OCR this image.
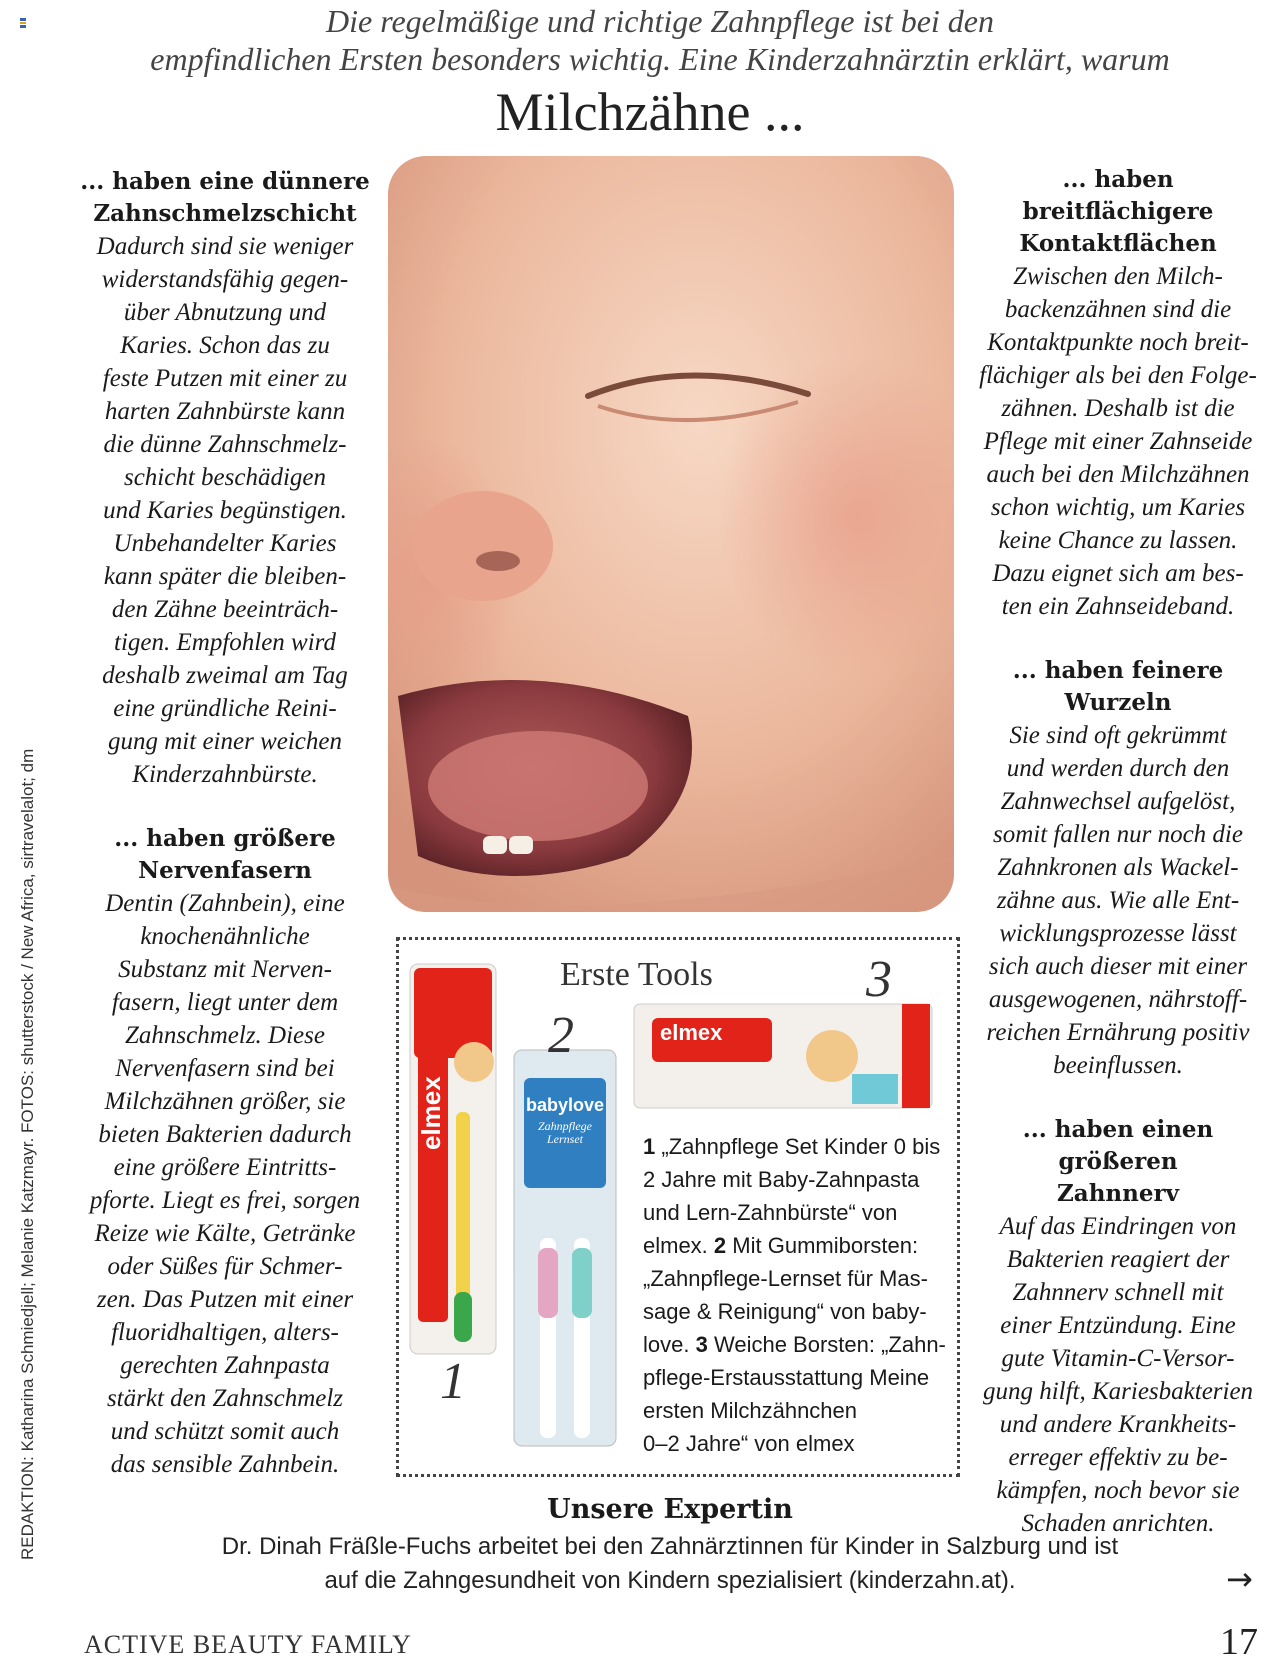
Die regelmäßige und richtige Zahnpflege ist bei den
empfindlichen Ersten besonders wichtig. Eine Kinderzahnärztin erklärt, warum
Milchzähne ...
... haben eine dünnere
Zahnschmelzschicht

Dadurch sind sie weniger
widerstandsfähig gegen-
über Abnutzung und
Karies. Schon das zu
feste Putzen mit einer zu
harten Zahnbürste kann
die dünne Zahnschmelz-
schicht beschädigen
und Karies begünstigen.
Unbehandelter Karies
kann später die bleiben-
den Zähne beeinträch-
tigen. Empfohlen wird
deshalb zweimal am Tag
eine gründliche Reini-
gung mit einer weichen
Kinderzahnbürste.

... haben größere
Nervenfasern

Dentin (Zahnbein), eine
knochenähnliche
Substanz mit Nerven-
fasern, liegt unter dem
Zahnschmelz. Diese
Nervenfasern sind bei
Milchzähnen größer, sie
bieten Bakterien dadurch
eine größere Eintritts-
pforte. Liegt es frei, sorgen
Reize wie Kälte, Getränke
oder Süßes für Schmer-
zen. Das Putzen mit einer
fluoridhaltigen, alters-
gerechten Zahnpasta
stärkt den Zahnschmelz
und schützt somit auch
das sensible Zahnbein.

... haben breitflächigere
Kontaktflächen

Zwischen den Milch-
backenzähnen sind die
Kontaktpunkte noch breit-
flächiger als bei den Folge-
zähnen. Deshalb ist die
Pflege mit einer Zahnseide
auch bei den Milchzähnen
schon wichtig, um Karies
keine Chance zu lassen.
Dazu eignet sich am bes-
ten ein Zahnseideband.

... haben feinere
Wurzeln

Sie sind oft gekrümmt
und werden durch den
Zahnwechsel aufgelöst,
somit fallen nur noch die
Zahnkronen als Wackel-
zähne aus. Wie alle Ent-
wicklungsprozesse lässt
sich auch dieser mit einer
ausgewogenen, nährstoff-
reichen Ernährung positiv
beeinflussen.

... haben einen größeren
Zahnnerv

Auf das Eindringen von
Bakterien reagiert der
Zahnnerv schnell mit
einer Entzündung. Eine
gute Vitamin-C-Versor-
gung hilft, Kariesbakterien
und andere Krankheits-
erreger effektiv zu be-
kämpfen, noch bevor sie
Schaden anrichten.

Erste Tools
elmex	babylove
Zahnpflege Lernset
elmex
1
2
3
1 „Zahnpflege Set Kinder 0 bis
2 Jahre mit Baby-Zahnpasta
und Lern-Zahnbürste“ von
elmex. 2 Mit Gummiborsten:
„Zahnpflege-Lernset für Mas-
sage & Reinigung“ von baby-
love. 3 Weiche Borsten: „Zahn-
pflege-Erstausstattung Meine
ersten Milchzähnchen
0–2 Jahre“ von elmex
Unsere Expertin
Dr. Dinah Fräßle-Fuchs arbeitet bei den Zahnärztinnen für Kinder in Salzburg und ist
auf die Zahngesundheit von Kindern spezialisiert (kinderzahn.at).	→
REDAKTION: Katharina Schmiedjell; Melanie Katzmayr. FOTOS: shutterstock / New Africa, sirtravelalot; dm
ACTIVE BEAUTY FAMILY	17
